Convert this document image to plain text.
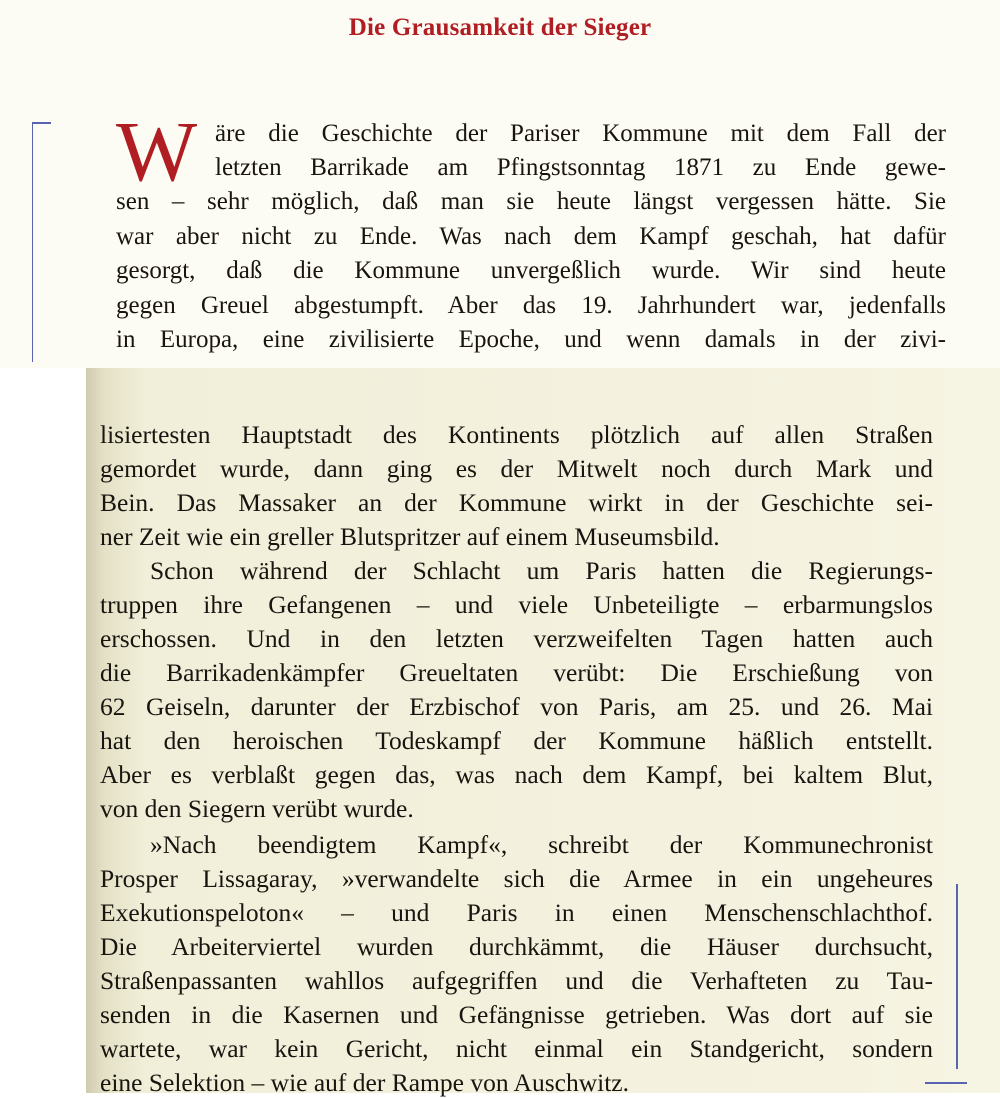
Die Grausamkeit der Sieger
W äre die Geschichte der Pariser Kommune mit dem Fall der
letzten Barrikade am Pfingstsonntag 1871 zu Ende gewe-
sen – sehr möglich, daß man sie heute längst vergessen hätte. Sie
war aber nicht zu Ende. Was nach dem Kampf geschah, hat dafür
gesorgt, daß die Kommune unvergeßlich wurde. Wir sind heute
gegen Greuel abgestumpft. Aber das 19. Jahrhundert war, jedenfalls
in Europa, eine zivilisierte Epoche, und wenn damals in der zivi-
lisiertesten Hauptstadt des Kontinents plötzlich auf allen Straßen
gemordet wurde, dann ging es der Mitwelt noch durch Mark und
Bein. Das Massaker an der Kommune wirkt in der Geschichte sei-
ner Zeit wie ein greller Blutspritzer auf einem Museumsbild.
Schon während der Schlacht um Paris hatten die Regierungs-
truppen ihre Gefangenen – und viele Unbeteiligte – erbarmungslos
erschossen. Und in den letzten verzweifelten Tagen hatten auch
die Barrikadenkämpfer Greueltaten verübt: Die Erschießung von
62 Geiseln, darunter der Erzbischof von Paris, am 25. und 26. Mai
hat den heroischen Todeskampf der Kommune häßlich entstellt.
Aber es verblaßt gegen das, was nach dem Kampf, bei kaltem Blut,
von den Siegern verübt wurde.
»Nach beendigtem Kampf«, schreibt der Kommunechronist
Prosper Lissagaray, »verwandelte sich die Armee in ein ungeheures
Exekutionspeloton« – und Paris in einen Menschenschlachthof.
Die Arbeiterviertel wurden durchkämmt, die Häuser durchsucht,
Straßenpassanten wahllos aufgegriffen und die Verhafteten zu Tau-
senden in die Kasernen und Gefängnisse getrieben. Was dort auf sie
wartete, war kein Gericht, nicht einmal ein Standgericht, sondern
eine Selektion – wie auf der Rampe von Auschwitz.
